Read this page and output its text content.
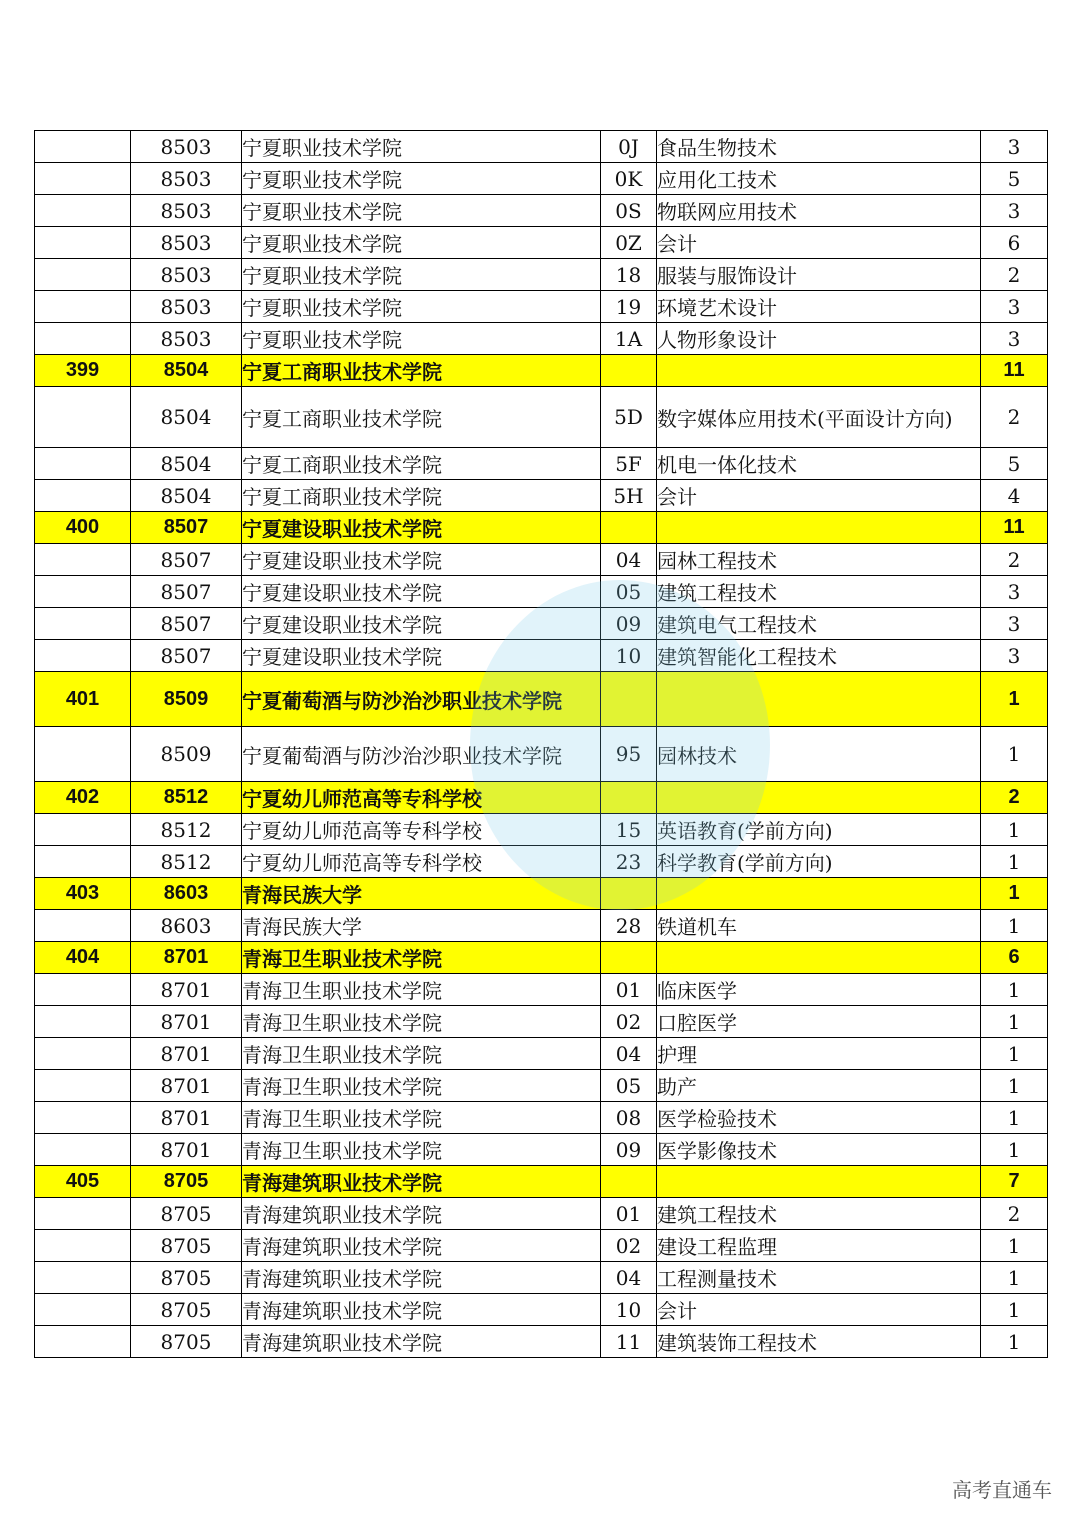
	8503	宁夏职业技术学院	0J	食品生物技术	3
	8503	宁夏职业技术学院	0K	应用化工技术	5
	8503	宁夏职业技术学院	0S	物联网应用技术	3
	8503	宁夏职业技术学院	0Z	会计	6
	8503	宁夏职业技术学院	18	服装与服饰设计	2
	8503	宁夏职业技术学院	19	环境艺术设计	3
	8503	宁夏职业技术学院	1A	人物形象设计	3
399	8504	宁夏工商职业技术学院			11
	8504	宁夏工商职业技术学院	5D	数字媒体应用技术(平面设计方向)	2
	8504	宁夏工商职业技术学院	5F	机电一体化技术	5
	8504	宁夏工商职业技术学院	5H	会计	4
400	8507	宁夏建设职业技术学院			11
	8507	宁夏建设职业技术学院	04	园林工程技术	2
	8507	宁夏建设职业技术学院	05	建筑工程技术	3
	8507	宁夏建设职业技术学院	09	建筑电气工程技术	3
	8507	宁夏建设职业技术学院	10	建筑智能化工程技术	3
401	8509	宁夏葡萄酒与防沙治沙职业技术学院			1
	8509	宁夏葡萄酒与防沙治沙职业技术学院	95	园林技术	1
402	8512	宁夏幼儿师范高等专科学校			2
	8512	宁夏幼儿师范高等专科学校	15	英语教育(学前方向)	1
	8512	宁夏幼儿师范高等专科学校	23	科学教育(学前方向)	1
403	8603	青海民族大学			1
	8603	青海民族大学	28	铁道机车	1
404	8701	青海卫生职业技术学院			6
	8701	青海卫生职业技术学院	01	临床医学	1
	8701	青海卫生职业技术学院	02	口腔医学	1
	8701	青海卫生职业技术学院	04	护理	1
	8701	青海卫生职业技术学院	05	助产	1
	8701	青海卫生职业技术学院	08	医学检验技术	1
	8701	青海卫生职业技术学院	09	医学影像技术	1
405	8705	青海建筑职业技术学院			7
	8705	青海建筑职业技术学院	01	建筑工程技术	2
	8705	青海建筑职业技术学院	02	建设工程监理	1
	8705	青海建筑职业技术学院	04	工程测量技术	1
	8705	青海建筑职业技术学院	10	会计	1
	8705	青海建筑职业技术学院	11	建筑装饰工程技术	1
高考直通车
